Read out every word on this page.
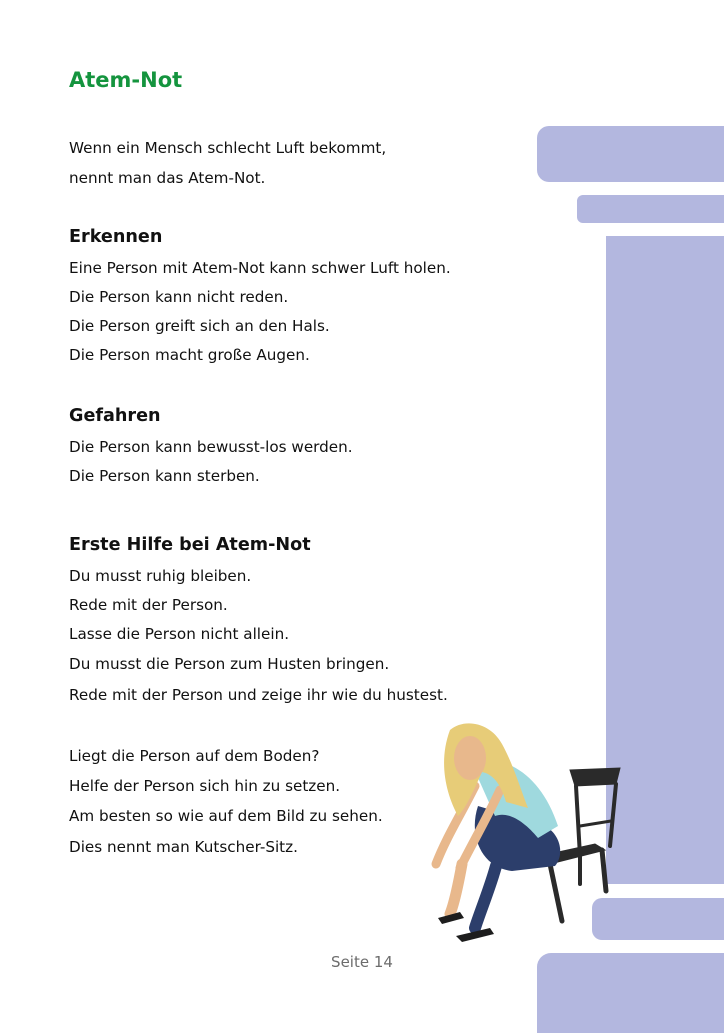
Atem-Not

Wenn ein Mensch schlecht Luft bekommt,

nennt man das Atem-Not.

Erkennen

Eine Person mit Atem-Not kann schwer Luft holen.

Die Person kann nicht reden.

Die Person greift sich an den Hals.

Die Person macht große Augen.

Gefahren

Die Person kann bewusst-los werden.

Die Person kann sterben.

Erste Hilfe bei Atem-Not

Du musst ruhig bleiben.

Rede mit der Person.

Lasse die Person nicht allein.

Du musst die Person zum Husten bringen.

Rede mit der Person und zeige ihr wie du hustest.

Liegt die Person auf dem Boden?

Helfe der Person sich hin zu setzen.

Am besten so wie auf dem Bild zu sehen.

Dies nennt man Kutscher-Sitz.

Seite 14
